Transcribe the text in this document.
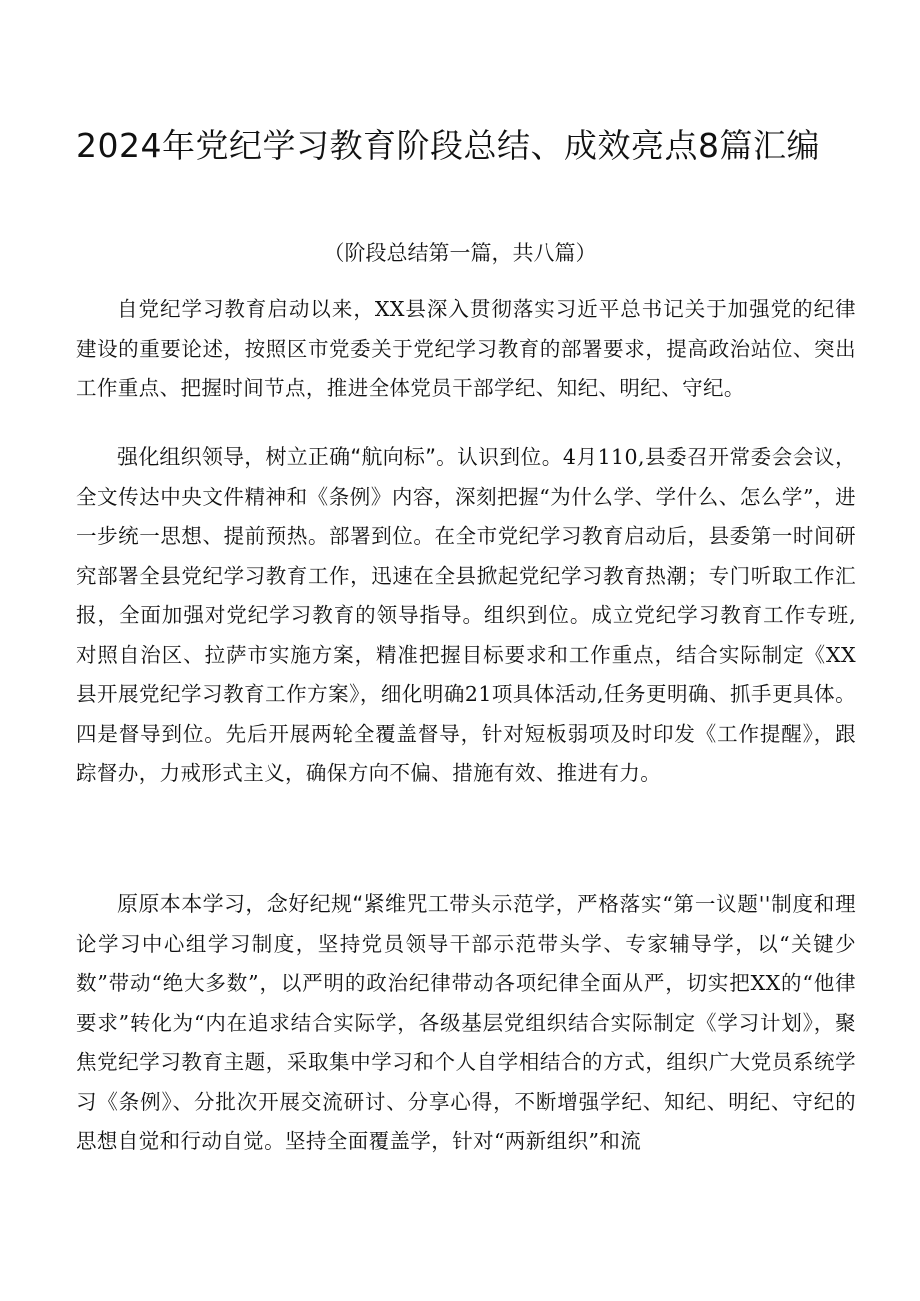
2024年党纪学习教育阶段总结、成效亮点8篇汇编
（阶段总结第一篇，共八篇）

自党纪学习教育启动以来，XX县深入贯彻落实习近平总书记关于加强党的纪律建设的重要论述，按照区市党委关于党纪学习教育的部署要求，提高政治站位、突出工作重点、把握时间节点，推进全体党员干部学纪、知纪、明纪、守纪。

强化组织领导，树立正确“航向标”。认识到位。4月110,县委召开常委会会议，全文传达中央文件精神和《条例》内容，深刻把握“为什么学、学什么、怎么学”，进一步统一思想、提前预热。部署到位。在全市党纪学习教育启动后，县委第一时间研究部署全县党纪学习教育工作，迅速在全县掀起党纪学习教育热潮；专门听取工作汇报，全面加强对党纪学习教育的领导指导。组织到位。成立党纪学习教育工作专班,对照自治区、拉萨市实施方案，精准把握目标要求和工作重点，结合实际制定《XX县开展党纪学习教育工作方案》，细化明确21项具体活动,任务更明确、抓手更具体。四是督导到位。先后开展两轮全覆盖督导，针对短板弱项及时印发《工作提醒》，跟踪督办，力戒形式主义，确保方向不偏、措施有效、推进有力。

原原本本学习，念好纪规“紧维咒工带头示范学，严格落实“第一议题''制度和理论学习中心组学习制度，坚持党员领导干部示范带头学、专家辅导学，以“关键少数”带动“绝大多数”，以严明的政治纪律带动各项纪律全面从严，切实把XX的“他律要求”转化为“内在追求结合实际学，各级基层党组织结合实际制定《学习计划》，聚焦党纪学习教育主题，采取集中学习和个人自学相结合的方式，组织广大党员系统学习《条例》、分批次开展交流研讨、分享心得，不断增强学纪、知纪、明纪、守纪的思想自觉和行动自觉。坚持全面覆盖学，针对“两新组织”和流
